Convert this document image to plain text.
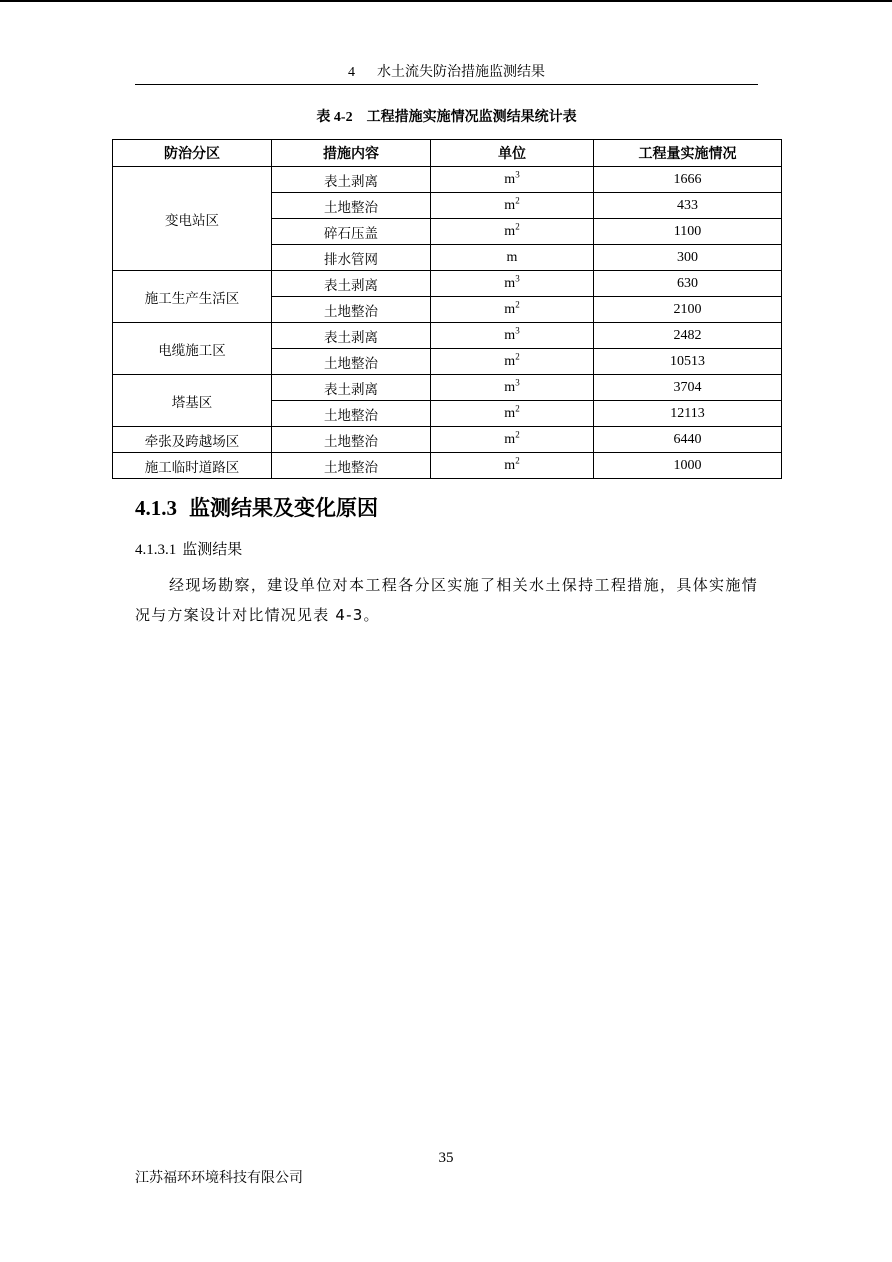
4 水土流失防治措施监测结果
表 4-2 工程措施实施情况监测结果统计表
防治分区	措施内容	单位	工程量实施情况
变电站区	表土剥离	$m^3$	1666
	土地整治	$m^2$	433
	碎石压盖	$m^2$	1100
	排水管网	m	300
施工生产生活区	表土剥离	$m^3$	630
	土地整治	$m^2$	2100
电缆施工区	表土剥离	$m^3$	2482
	土地整治	$m^2$	10513
塔基区	表土剥离	$m^3$	3704
	土地整治	$m^2$	12113
牵张及跨越场区	土地整治	$m^2$	6440
施工临时道路区	土地整治	$m^2$	1000
4.1.3 监测结果及变化原因
4.1.3.1 监测结果
经现场勘察，建设单位对本工程各分区实施了相关水土保持工程措施，具体实施情况与方案设计对比情况见表 4-3。
35
江苏福环环境科技有限公司
